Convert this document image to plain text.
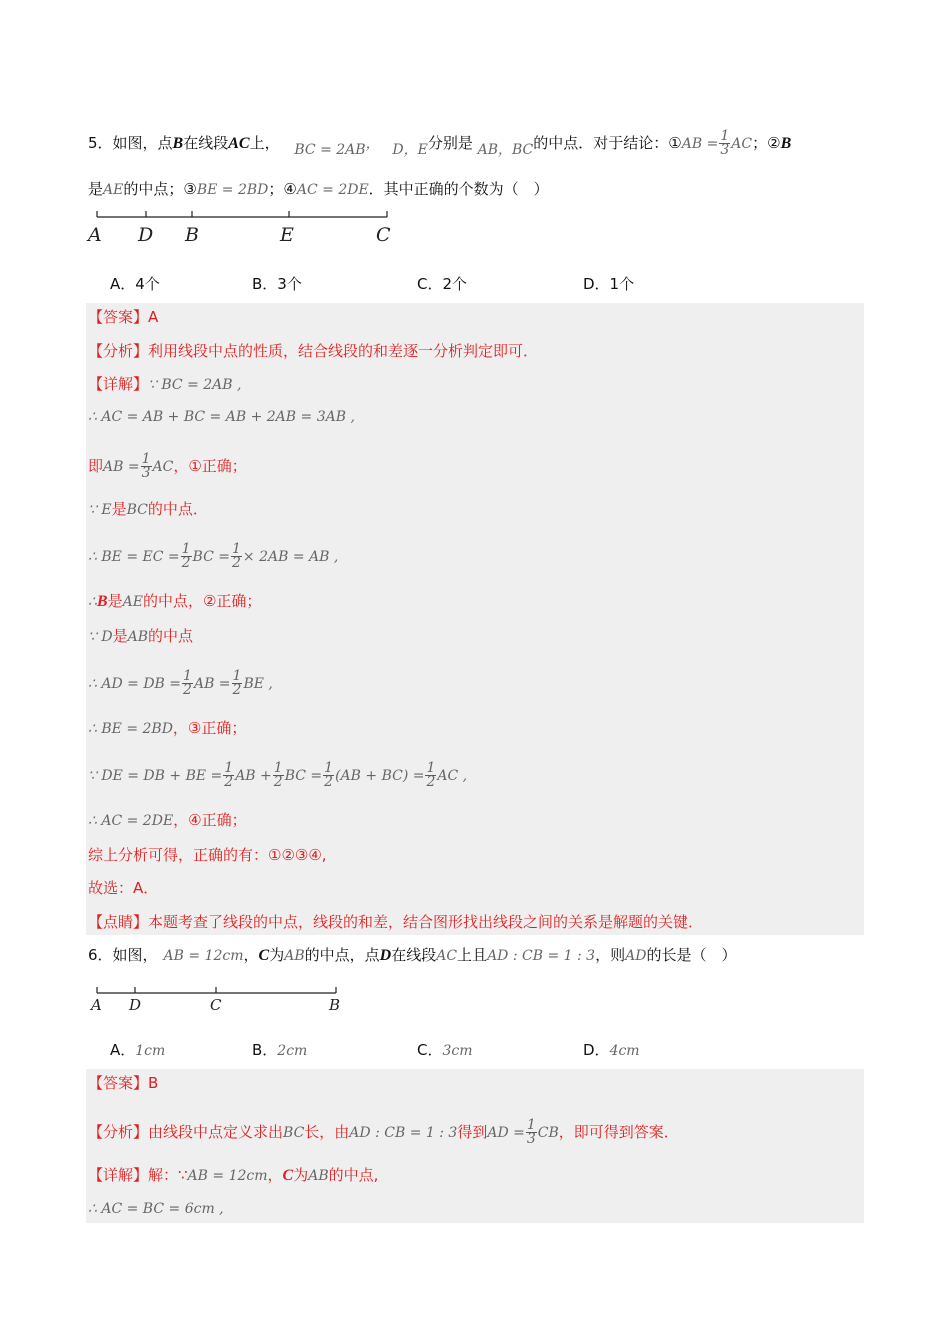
5．如图，点B在线段AC上， BC = 2AB， D，E分别是 AB，BC的中点．对于结论：①AB = $\frac{1}{3}$ AC；②B
是AE的中点；③BE = 2BD；④AC = 2DE．其中正确的个数为（　）
A D B	E	C
A．4个	B．3个	C．2个	D．1个
【答案】A
【分析】利用线段中点的性质，结合线段的和差逐一分析判定即可．
【详解】∵ BC = 2AB ,
∴ AC = AB + BC = AB + 2AB = 3AB ,
即AB = $\frac{1}{3}$ AC，①正确；
∵ E是BC的中点．
∴ BE = EC = $\frac{1}{2}$ BC = $\frac{1}{2} \times 2AB$ = AB ,
∴B是AE的中点，②正确；
∵ D是AB的中点
∴ AD = DB = $\frac{1}{2}$ AB = $\frac{1}{2}$ BE ,
∴ BE = 2BD，③正确；
∵ DE = DB + BE = $\frac{1}{2}$ AB + $\frac{1}{2}$ BC = $\frac{1}{2} (AB + BC) = \frac{1}{2}$ AC ,
∴ AC = 2DE，④正确；
综上分析可得，正确的有：①②③④,
故选：A．
【点睛】本题考查了线段的中点，线段的和差，结合图形找出线段之间的关系是解题的关键．
6．如图， AB = 12cm，C为AB的中点，点D在线段AC上且AD : CB = 1 : 3，则AD的长是（　）
A D	C	B
A．1cm	B．2cm	C．3cm	D．4cm
【答案】B
【分析】由线段中点定义求出BC长，由AD : CB = 1 : 3得到AD = $\frac{1}{3}$ CB，即可得到答案．
【详解】解：∵AB = 12cm，C为AB的中点,
∴ AC = BC = 6cm ,
